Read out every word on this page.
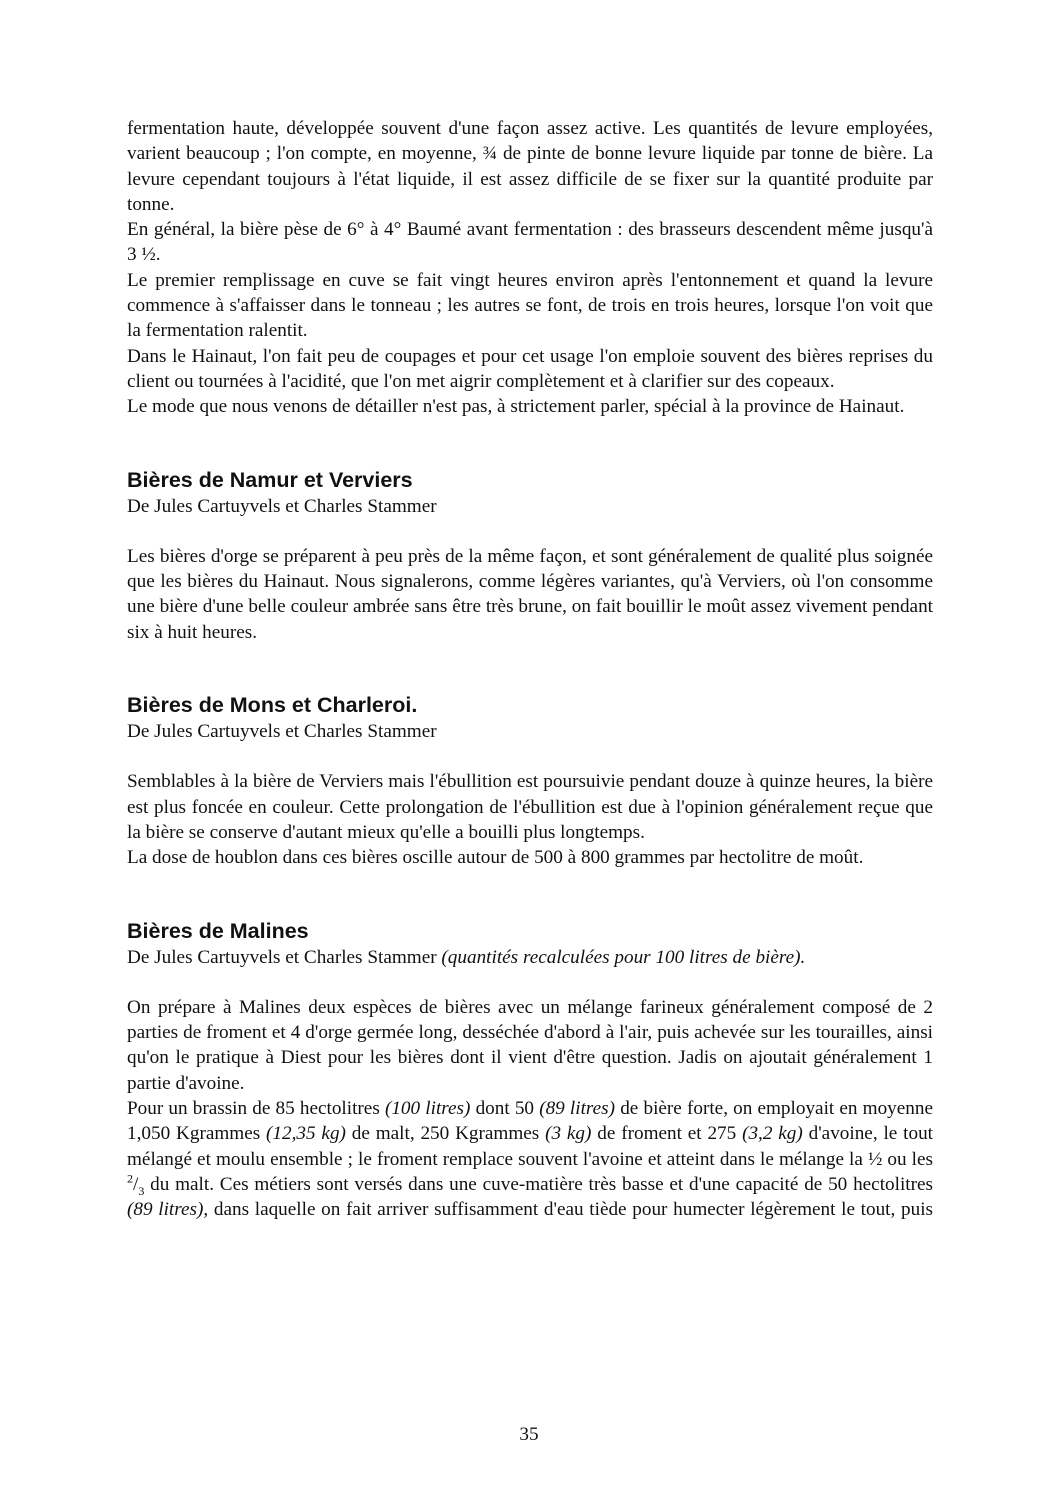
fermentation haute, développée souvent d'une façon assez active. Les quantités de levure employées, varient beaucoup ; l'on compte, en moyenne, ¾ de pinte de bonne levure liquide par tonne de bière. La levure cependant toujours à l'état liquide, il est assez difficile de se fixer sur la quantité produite par tonne.

En général, la bière pèse de 6° à 4° Baumé avant fermentation : des brasseurs descendent même jusqu'à 3 ½.

Le premier remplissage en cuve se fait vingt heures environ après l'entonnement et quand la levure commence à s'affaisser dans le tonneau ; les autres se font, de trois en trois heures, lorsque l'on voit que la fermentation ralentit.

Dans le Hainaut, l'on fait peu de coupages et pour cet usage l'on emploie souvent des bières reprises du client ou tournées à l'acidité, que l'on met aigrir complètement et à clarifier sur des copeaux.

Le mode que nous venons de détailler n'est pas, à strictement parler, spécial à la province de Hainaut.

Bières de Namur et Verviers

De Jules Cartuyvels et Charles Stammer

Les bières d'orge se préparent à peu près de la même façon, et sont généralement de qualité plus soignée que les bières du Hainaut. Nous signalerons, comme légères variantes, qu'à Verviers, où l'on consomme une bière d'une belle couleur ambrée sans être très brune, on fait bouillir le moût assez vivement pendant six à huit heures.

Bières de Mons et Charleroi.

De Jules Cartuyvels et Charles Stammer

Semblables à la bière de Verviers mais l'ébullition est poursuivie pendant douze à quinze heures, la bière est plus foncée en couleur. Cette prolongation de l'ébullition est due à l'opinion généralement reçue que la bière se conserve d'autant mieux qu'elle a bouilli plus longtemps.

La dose de houblon dans ces bières oscille autour de 500 à 800 grammes par hectolitre de moût.

Bières de Malines

De Jules Cartuyvels et Charles Stammer (quantités recalculées pour 100 litres de bière).

On prépare à Malines deux espèces de bières avec un mélange farineux généralement composé de 2 parties de froment et 4 d'orge germée long, desséchée d'abord à l'air, puis achevée sur les tourailles, ainsi qu'on le pratique à Diest pour les bières dont il vient d'être question. Jadis on ajoutait généralement 1 partie d'avoine.

Pour un brassin de 85 hectolitres (100 litres) dont 50 (89 litres) de bière forte, on employait en moyenne 1,050 Kgrammes (12,35 kg) de malt, 250 Kgrammes (3 kg) de froment et 275 (3,2 kg) d'avoine, le tout mélangé et moulu ensemble ; le froment remplace souvent l'avoine et atteint dans le mélange la ½ ou les $^2/_3$ du malt. Ces métiers sont versés dans une cuve-matière très basse et d'une capacité de 50 hectolitres (89 litres), dans laquelle on fait arriver suffisamment d'eau tiède pour humecter légèrement le tout, puis

35
